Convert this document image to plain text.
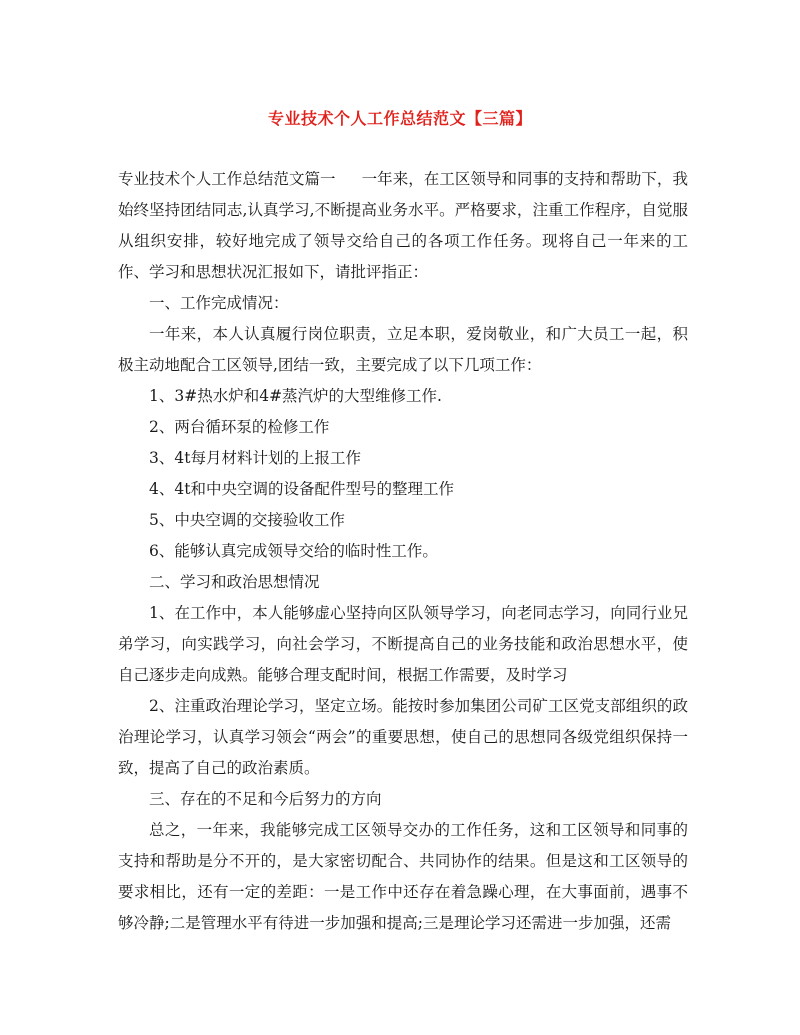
专业技术个人工作总结范文【三篇】

专业技术个人工作总结范文篇一 一年来，在工区领导和同事的支持和帮助下，我始终坚持团结同志,认真学习,不断提高业务水平。严格要求，注重工作程序，自觉服从组织安排，较好地完成了领导交给自己的各项工作任务。现将自己一年来的工作、学习和思想状况汇报如下，请批评指正：

一、工作完成情况：

一年来，本人认真履行岗位职责，立足本职，爱岗敬业，和广大员工一起，积极主动地配合工区领导,团结一致，主要完成了以下几项工作：

1、3#热水炉和4#蒸汽炉的大型维修工作.

2、两台循环泵的检修工作

3、4t每月材料计划的上报工作

4、4t和中央空调的设备配件型号的整理工作

5、中央空调的交接验收工作

6、能够认真完成领导交给的临时性工作。

二、学习和政治思想情况

1、在工作中，本人能够虚心坚持向区队领导学习，向老同志学习，向同行业兄弟学习，向实践学习，向社会学习，不断提高自己的业务技能和政治思想水平，使自己逐步走向成熟。能够合理支配时间，根据工作需要，及时学习

2、注重政治理论学习，坚定立场。能按时参加集团公司矿工区党支部组织的政治理论学习，认真学习领会“两会”的重要思想，使自己的思想同各级党组织保持一致，提高了自己的政治素质。

三、存在的不足和今后努力的方向

总之，一年来，我能够完成工区领导交办的工作任务，这和工区领导和同事的支持和帮助是分不开的，是大家密切配合、共同协作的结果。但是这和工区领导的要求相比，还有一定的差距：一是工作中还存在着急躁心理，在大事面前，遇事不够冷静;二是管理水平有待进一步加强和提高;三是理论学习还需进一步加强，还需
